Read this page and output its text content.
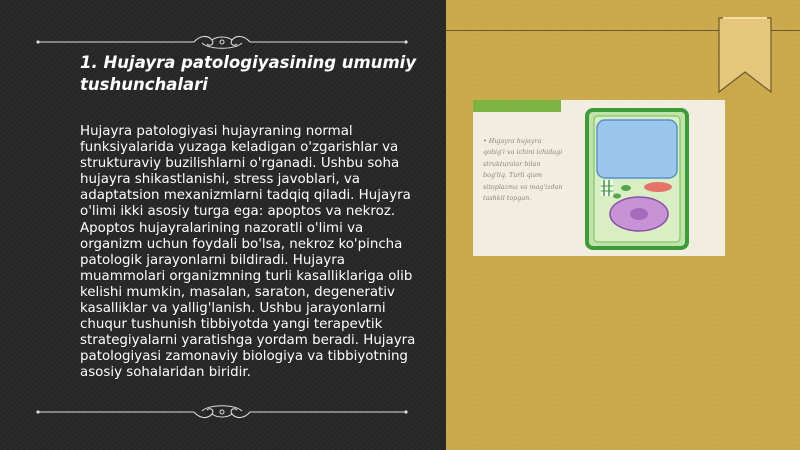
1. Hujayra patologiyasining umumiy tushunchalari
Hujayra patologiyasi hujayraning normal funksiyalarida yuzaga keladigan o'zgarishlar va strukturaviy buzilishlarni o'rganadi. Ushbu soha hujayra shikastlanishi, stress javoblari, va adaptatsion mexanizmlarni tadqiq qiladi. Hujayra o'limi ikki asosiy turga ega: apoptos va nekroz. Apoptos hujayralarining nazoratli o'limi va organizm uchun foydali bo'lsa, nekroz ko'pincha patologik jarayonlarni bildiradi. Hujayra muammolari organizmning turli kasalliklariga olib kelishi mumkin, masalan, saraton, degenerativ kasalliklar va yallig'lanish. Ushbu jarayonlarni chuqur tushunish tibbiyotda yangi terapevtik strategiyalarni yaratishga yordam beradi. Hujayra patologiyasi zamonaviy biologiya va tibbiyotning asosiy sohalaridan biridir.
• Hujayra hujayra qobig'i va ichini ichidagi strukturalar bilan bog'liq. Turli qism sitoplazma va mag'izdan tashkil topgan.
